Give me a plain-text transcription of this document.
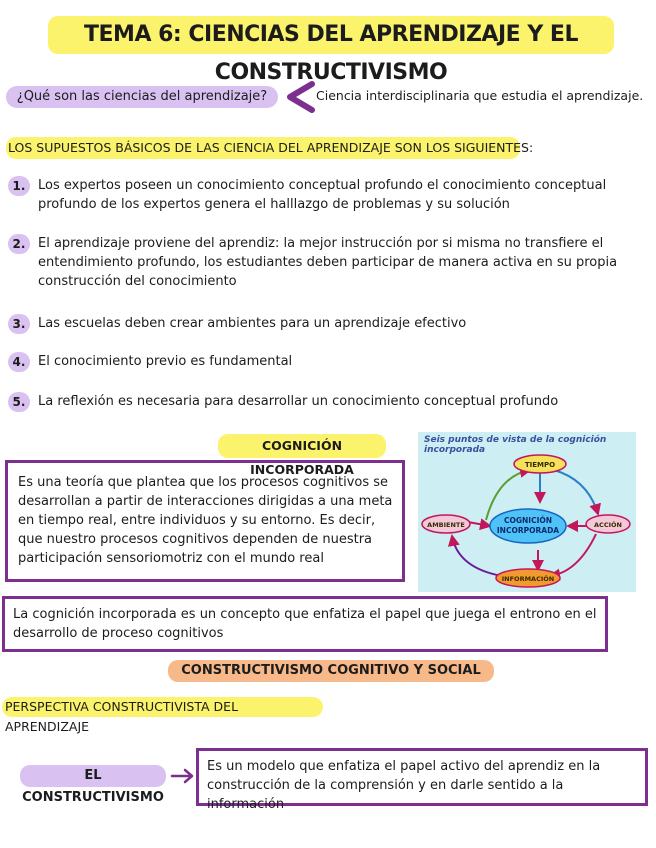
TEMA 6: CIENCIAS DEL APRENDIZAJE Y EL CONSTRUCTIVISMO
¿Qué son las ciencias del aprendizaje?	Ciencia interdisciplinaria que estudia el aprendizaje.
LOS SUPUESTOS BÁSICOS DE LAS CIENCIA DEL APRENDIZAJE SON LOS SIGUIENTES:
1. Los expertos poseen un conocimiento conceptual profundo el conocimiento conceptual profundo de los expertos genera el halllazgo de problemas y su solución
2. El aprendizaje proviene del aprendiz: la mejor instrucción por si misma no transfiere el entendimiento profundo, los estudiantes deben participar de manera activa en su propia construcción del conocimiento
3. Las escuelas deben crear ambientes para un aprendizaje efectivo
4. El conocimiento previo es fundamental
5. La reflexión es necesaria para desarrollar un conocimiento conceptual profundo
COGNICIÓN INCORPORADA
Es una teoría que plantea que los procesos cognitivos se desarrollan a partir de interacciones dirigidas a una meta en tiempo real, entre individuos y su entorno. Es decir, que nuestro procesos cognitivos dependen de nuestra participación sensoriomotriz con el mundo real
Seis puntos de vista de la cognición incorporada
TIEMPO
AMBIENTE	ACCIÓN
COGNICIÓN
INCORPORADA
INFORMACIÓN
La cognición incorporada es un concepto que enfatiza el papel que juega el entrono en el desarrollo de proceso cognitivos
CONSTRUCTIVISMO COGNITIVO Y SOCIAL
PERSPECTIVA CONSTRUCTIVISTA DEL APRENDIZAJE
EL CONSTRUCTIVISMO
Es un modelo que enfatiza el papel activo del aprendiz en la construcción de la comprensión y en darle sentido a la información
